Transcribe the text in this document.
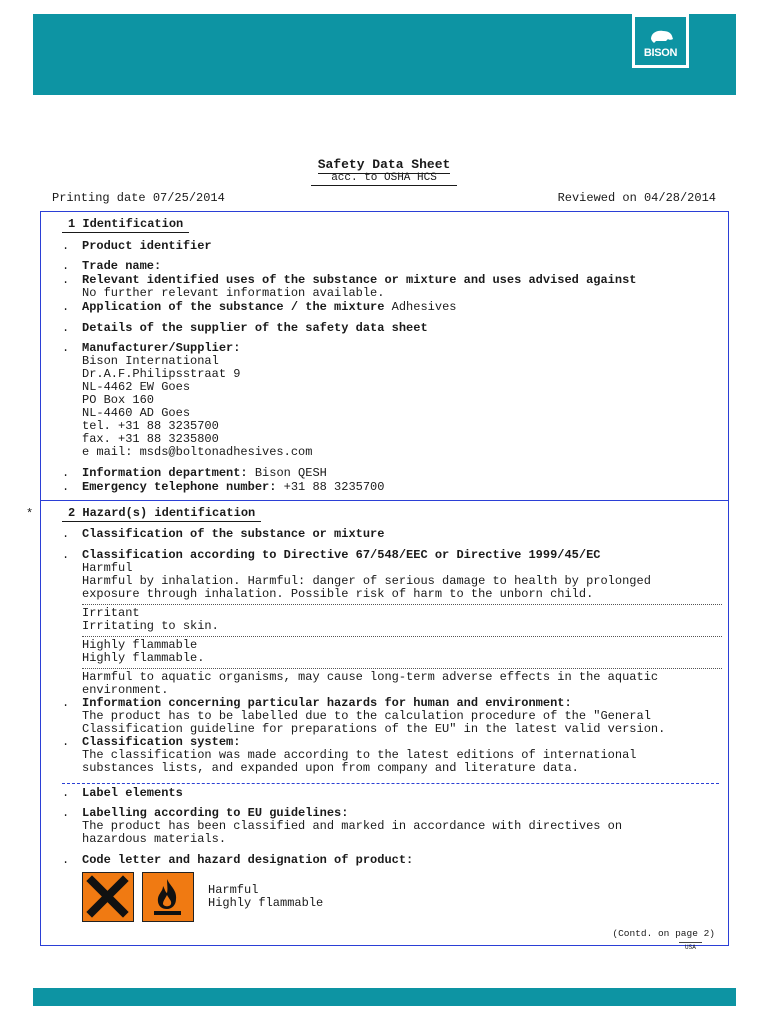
BISON
Safety Data Sheet
acc. to OSHA HCS
Printing date 07/25/2014	Reviewed on 04/28/2014
1 Identification
. Product identifier
. Trade name:
. Relevant identified uses of the substance or mixture and uses advised against
No further relevant information available.
. Application of the substance / the mixture Adhesives
. Details of the supplier of the safety data sheet
. Manufacturer/Supplier:
Bison International
Dr.A.F.Philipsstraat 9
NL-4462 EW Goes
PO Box 160
NL-4460 AD Goes
tel. +31 88 3235700
fax. +31 88 3235800
e mail: msds@boltonadhesives.com
. Information department: Bison QESH
. Emergency telephone number: +31 88 3235700
*	2 Hazard(s) identification
. Classification of the substance or mixture
. Classification according to Directive 67/548/EEC or Directive 1999/45/EC
Harmful
Harmful by inhalation. Harmful: danger of serious damage to health by prolonged
exposure through inhalation. Possible risk of harm to the unborn child.
Irritant
Irritating to skin.
Highly flammable
Highly flammable.
Harmful to aquatic organisms, may cause long-term adverse effects in the aquatic
environment.
. Information concerning particular hazards for human and environment:
The product has to be labelled due to the calculation procedure of the "General
Classification guideline for preparations of the EU" in the latest valid version.
. Classification system:
The classification was made according to the latest editions of international
substances lists, and expanded upon from company and literature data.
. Label elements
. Labelling according to EU guidelines:
The product has been classified and marked in accordance with directives on
hazardous materials.
. Code letter and hazard designation of product:
Harmful
Highly flammable
(Contd. on page 2)
USA
